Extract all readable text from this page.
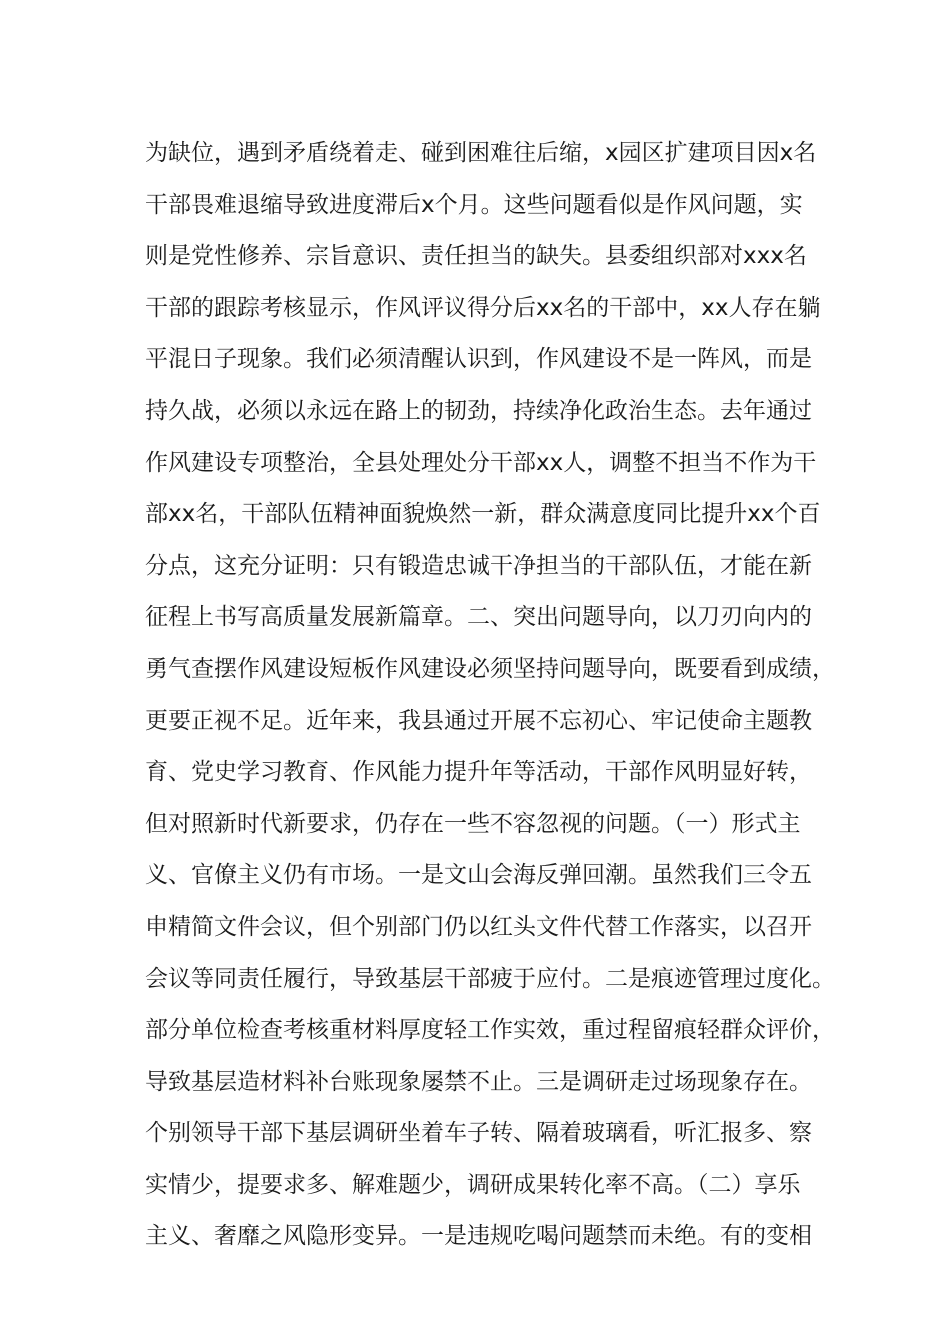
为缺位，遇到矛盾绕着走、碰到困难往后缩，x园区扩建项目因x名
干部畏难退缩导致进度滞后x个月。这些问题看似是作风问题，实
则是党性修养、宗旨意识、责任担当的缺失。县委组织部对xxx名
干部的跟踪考核显示，作风评议得分后xx名的干部中，xx人存在躺
平混日子现象。我们必须清醒认识到，作风建设不是一阵风，而是
持久战，必须以永远在路上的韧劲，持续净化政治生态。去年通过
作风建设专项整治，全县处理处分干部xx人，调整不担当不作为干
部xx名，干部队伍精神面貌焕然一新，群众满意度同比提升xx个百
分点，这充分证明：只有锻造忠诚干净担当的干部队伍，才能在新
征程上书写高质量发展新篇章。二、突出问题导向，以刀刃向内的
勇气查摆作风建设短板作风建设必须坚持问题导向，既要看到成绩，
更要正视不足。近年来，我县通过开展不忘初心、牢记使命主题教
育、党史学习教育、作风能力提升年等活动，干部作风明显好转，
但对照新时代新要求，仍存在一些不容忽视的问题。（一）形式主
义、官僚主义仍有市场。一是文山会海反弹回潮。虽然我们三令五
申精简文件会议，但个别部门仍以红头文件代替工作落实，以召开
会议等同责任履行，导致基层干部疲于应付。二是痕迹管理过度化。
部分单位检查考核重材料厚度轻工作实效，重过程留痕轻群众评价，
导致基层造材料补台账现象屡禁不止。三是调研走过场现象存在。
个别领导干部下基层调研坐着车子转、隔着玻璃看，听汇报多、察
实情少，提要求多、解难题少，调研成果转化率不高。（二）享乐
主义、奢靡之风隐形变异。一是违规吃喝问题禁而未绝。有的变相
